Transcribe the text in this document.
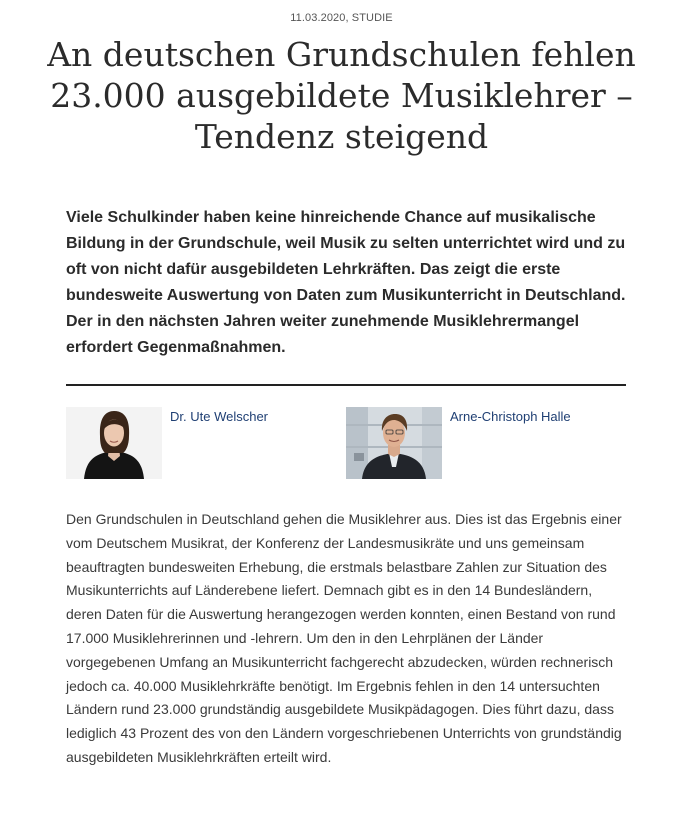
11.03.2020, STUDIE
An deutschen Grundschulen fehlen 23.000 ausgebildete Musiklehrer – Tendenz steigend

Viele Schulkinder haben keine hinreichende Chance auf musikalische Bildung in der Grundschule, weil Musik zu selten unterrichtet wird und zu oft von nicht dafür ausgebildeten Lehrkräften. Das zeigt die erste bundesweite Auswertung von Daten zum Musikunterricht in Deutschland. Der in den nächsten Jahren weiter zunehmende Musiklehrermangel erfordert Gegenmaßnahmen.

Dr. Ute Welscher	Arne-Christoph Halle

Den Grundschulen in Deutschland gehen die Musiklehrer aus. Dies ist das Ergebnis einer vom Deutschem Musikrat, der Konferenz der Landesmusikräte und uns gemeinsam beauftragten bundesweiten Erhebung, die erstmals belastbare Zahlen zur Situation des Musikunterrichts auf Länderebene liefert. Demnach gibt es in den 14 Bundesländern, deren Daten für die Auswertung herangezogen werden konnten, einen Bestand von rund 17.000 Musiklehrerinnen und -lehrern. Um den in den Lehrplänen der Länder vorgegebenen Umfang an Musikunterricht fachgerecht abzudecken, würden rechnerisch jedoch ca. 40.000 Musiklehrkräfte benötigt. Im Ergebnis fehlen in den 14 untersuchten Ländern rund 23.000 grundständig ausgebildete Musikpädagogen. Dies führt dazu, dass lediglich 43 Prozent des von den Ländern vorgeschriebenen Unterrichts von grundständig ausgebildeten Musiklehrkräften erteilt wird.
